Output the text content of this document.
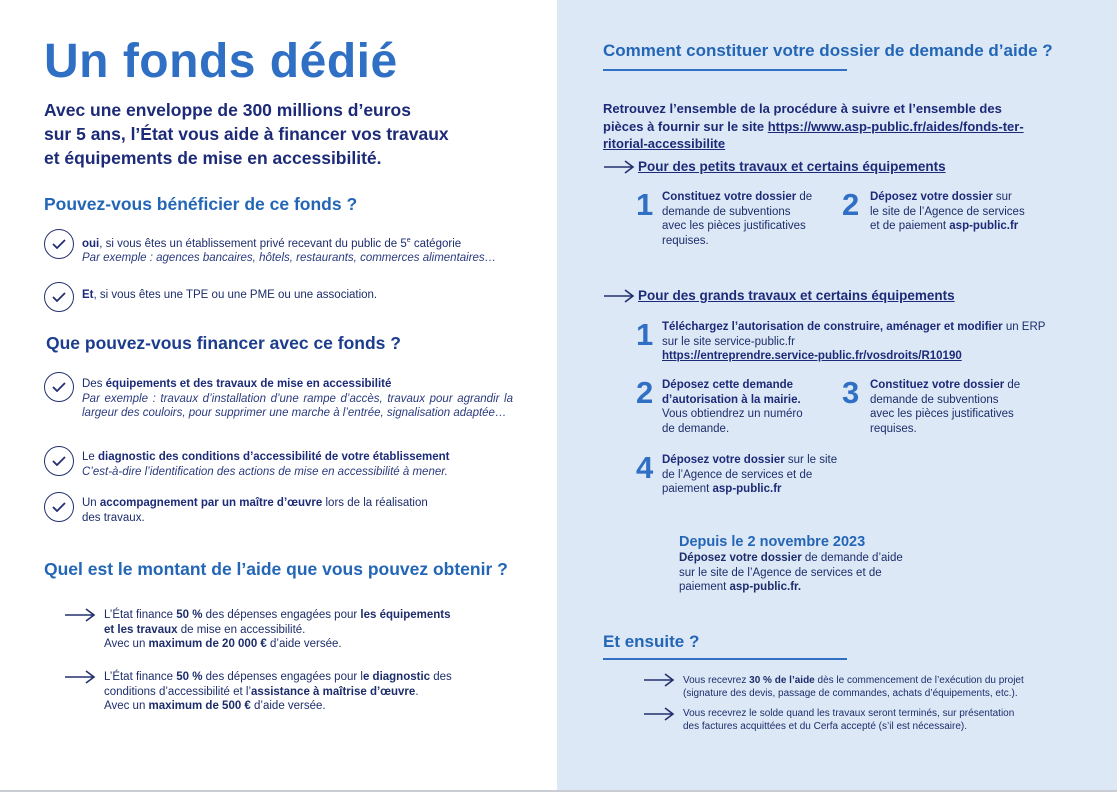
Un fonds dédié
Avec une enveloppe de 300 millions d’euros
sur 5 ans, l’État vous aide à financer vos travaux
et équipements de mise en accessibilité.
Pouvez-vous bénéficier de ce fonds ?
oui, si vous êtes un établissement privé recevant du public de 5e catégorie
Par exemple : agences bancaires, hôtels, restaurants, commerces alimentaires…
Et, si vous êtes une TPE ou une PME ou une association.
Que pouvez-vous financer avec ce fonds ?
Des équipements et des travaux de mise en accessibilité
Par exemple : travaux d’installation d’une rampe d’accès, travaux pour agrandir la largeur des couloirs, pour supprimer une marche à l’entrée, signalisation adaptée…
Le diagnostic des conditions d’accessibilité de votre établissement
C’est-à-dire l’identification des actions de mise en accessibilité à mener.
Un accompagnement par un maître d’œuvre lors de la réalisation
des travaux.
Quel est le montant de l’aide que vous pouvez obtenir ?
L’État finance 50 % des dépenses engagées pour les équipements
et les travaux de mise en accessibilité.
Avec un maximum de 20 000 € d’aide versée.
L’État finance 50 % des dépenses engagées pour le diagnostic des
conditions d’accessibilité et l’assistance à maîtrise d’œuvre.
Avec un maximum de 500 € d’aide versée.
Comment constituer votre dossier de demande d’aide ?
Retrouvez l’ensemble de la procédure à suivre et l’ensemble des
pièces à fournir sur le site https://www.asp-public.fr/aides/fonds-ter-
ritorial-accessibilite
Pour des petits travaux et certains équipements
1 Constituez votre dossier de
demande de subventions
avec les pièces justificatives
requises.
2 Déposez votre dossier sur
le site de l’Agence de services
et de paiement asp-public.fr
Pour des grands travaux et certains équipements
1 Téléchargez l’autorisation de construire, aménager et modifier un ERP
sur le site service-public.fr
https://entreprendre.service-public.fr/vosdroits/R10190
2 Déposez cette demande
d’autorisation à la mairie.
Vous obtiendrez un numéro
de demande.
3 Constituez votre dossier de
demande de subventions
avec les pièces justificatives
requises.
4 Déposez votre dossier sur le site
de l’Agence de services et de
paiement asp-public.fr
Depuis le 2 novembre 2023
Déposez votre dossier de demande d’aide
sur le site de l’Agence de services et de
paiement asp-public.fr.
Et ensuite ?
Vous recevrez 30 % de l’aide dès le commencement de l’exécution du projet
(signature des devis, passage de commandes, achats d’équipements, etc.).
Vous recevrez le solde quand les travaux seront terminés, sur présentation
des factures acquittées et du Cerfa accepté (s’il est nécessaire).
